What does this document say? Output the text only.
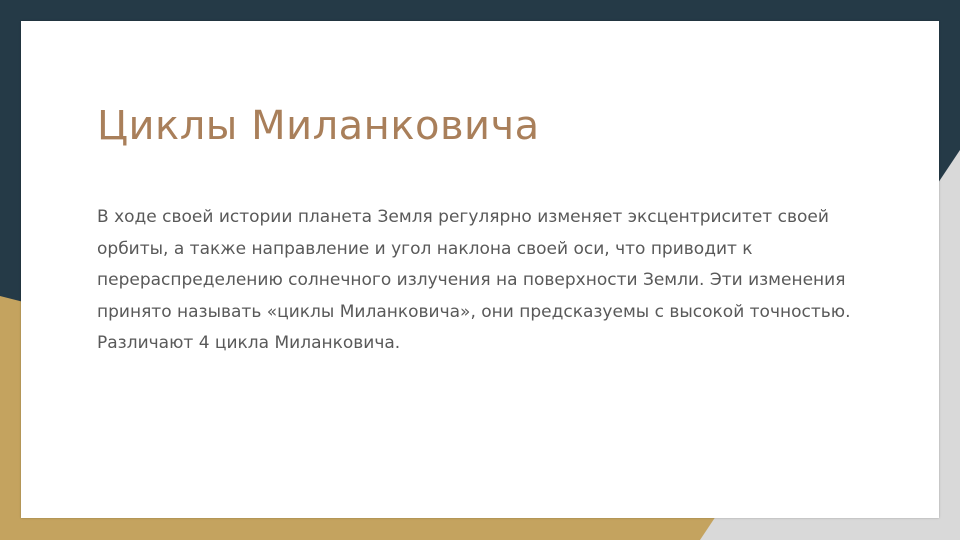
Циклы Миланковича

В ходе своей истории планета Земля регулярно изменяет эксцентриситет своей орбиты, а также направление и угол наклона своей оси, что приводит к перераспределению солнечного излучения на поверхности Земли. Эти изменения принято называть «циклы Миланковича», они предсказуемы с высокой точностью. Различают 4 цикла Миланковича.
